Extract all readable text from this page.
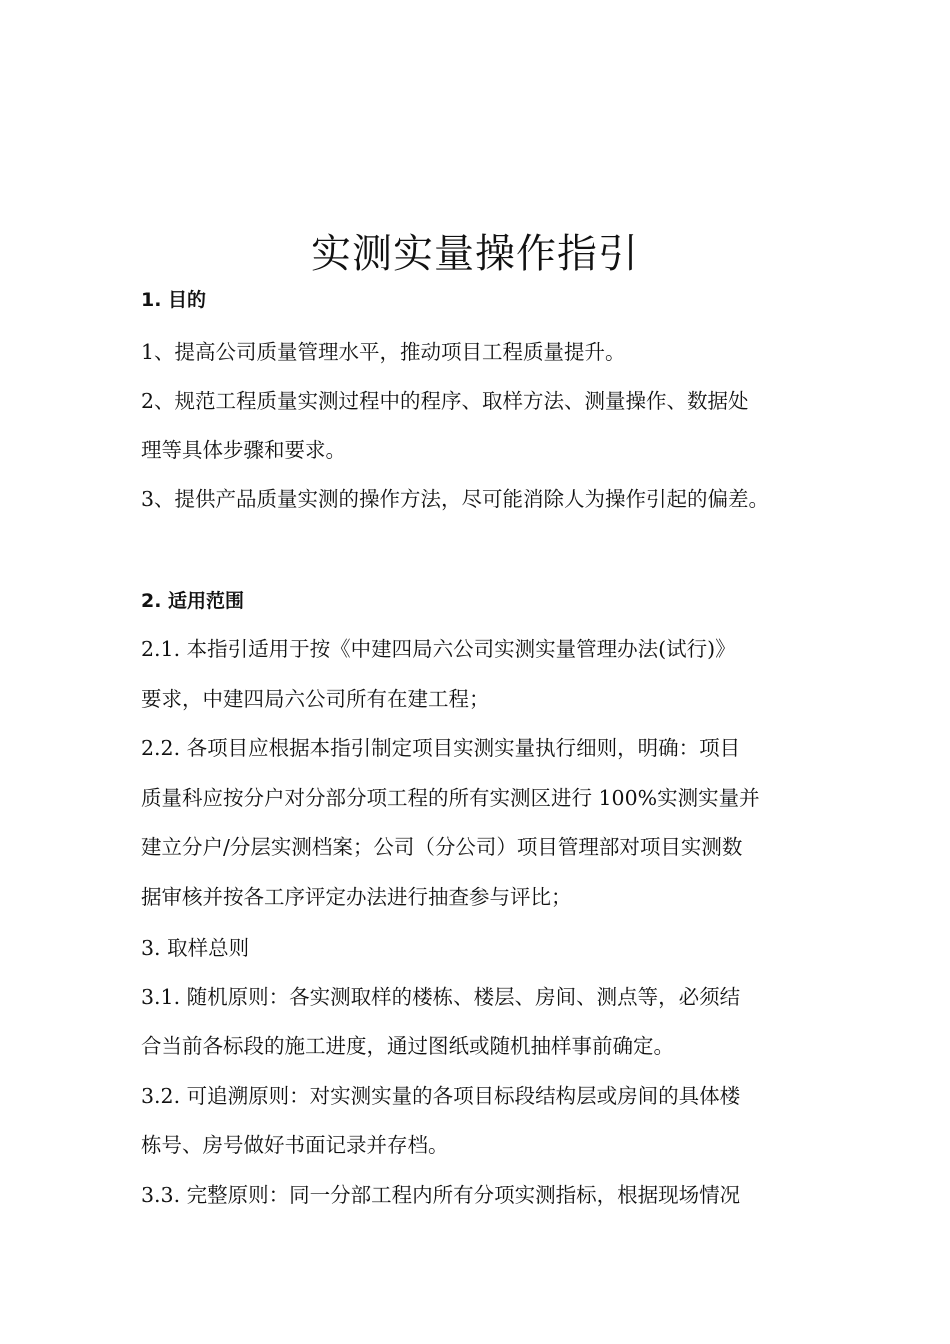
实测实量操作指引

1. 目的

1、提高公司质量管理水平，推动项目工程质量提升。

2、规范工程质量实测过程中的程序、取样方法、测量操作、数据处

理等具体步骤和要求。

3、提供产品质量实测的操作方法，尽可能消除人为操作引起的偏差。

2. 适用范围

2.1. 本指引适用于按《中建四局六公司实测实量管理办法(试行)》

要求，中建四局六公司所有在建工程；

2.2. 各项目应根据本指引制定项目实测实量执行细则，明确：项目

质量科应按分户对分部分项工程的所有实测区进行 100%实测实量并

建立分户/分层实测档案；公司（分公司）项目管理部对项目实测数

据审核并按各工序评定办法进行抽查参与评比；

3. 取样总则

3.1. 随机原则：各实测取样的楼栋、楼层、房间、测点等，必须结

合当前各标段的施工进度，通过图纸或随机抽样事前确定。

3.2. 可追溯原则：对实测实量的各项目标段结构层或房间的具体楼

栋号、房号做好书面记录并存档。

3.3. 完整原则：同一分部工程内所有分项实测指标，根据现场情况
